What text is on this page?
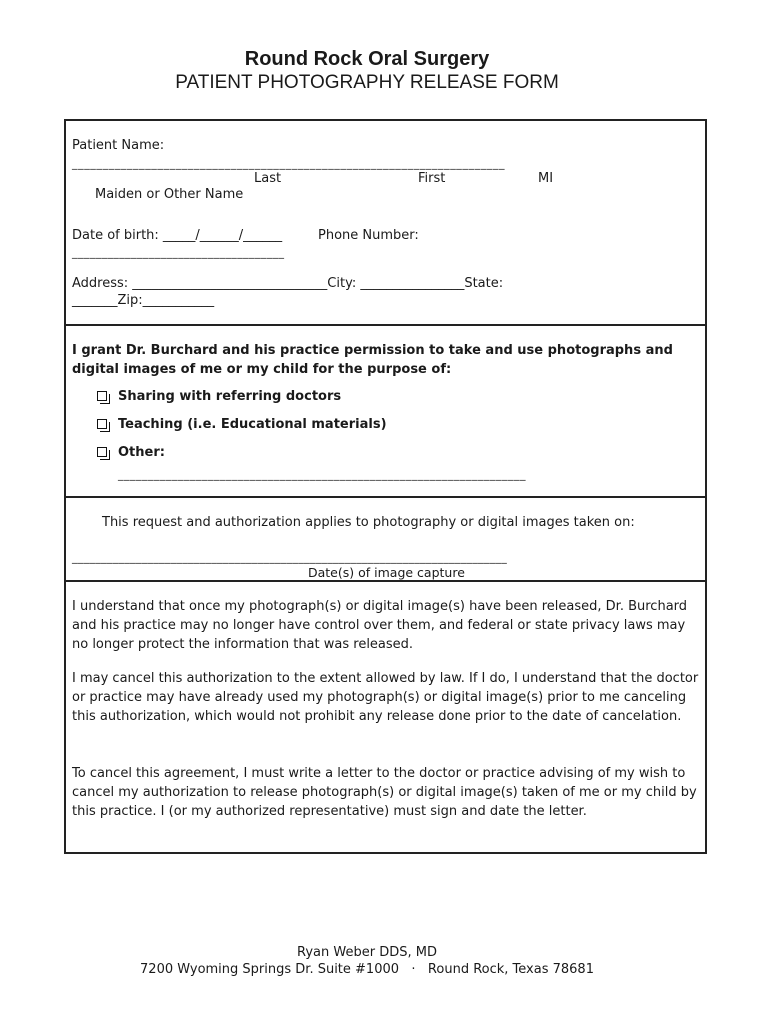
Round Rock Oral Surgery
PATIENT PHOTOGRAPHY RELEASE FORM
Patient Name:
_______________________________________________________________________
Last	First	MI
Maiden or Other Name
Date of birth: _____/______/______	Phone Number:
____________________________________
Address: ______________________________City: ________________State:
_______Zip:___________
I grant Dr. Burchard and his practice permission to take and use photographs and digital images of me or my child for the purpose of:
Sharing with referring doctors
Teaching (i.e. Educational materials)
Other:
____________________________________________________________________
This request and authorization applies to photography or digital images taken on:
___________________________________________________________________________
Date(s) of image capture
I understand that once my photograph(s) or digital image(s) have been released, Dr. Burchard and his practice may no longer have control over them, and federal or state privacy laws may no longer protect the information that was released.
I may cancel this authorization to the extent allowed by law. If I do, I understand that the doctor or practice may have already used my photograph(s) or digital image(s) prior to me canceling this authorization, which would not prohibit any release done prior to the date of cancelation.
To cancel this agreement, I must write a letter to the doctor or practice advising of my wish to cancel my authorization to release photograph(s) or digital image(s) taken of me or my child by this practice. I (or my authorized representative) must sign and date the letter.
Ryan Weber DDS, MD
7200 Wyoming Springs Dr. Suite #1000   ·   Round Rock, Texas 78681
